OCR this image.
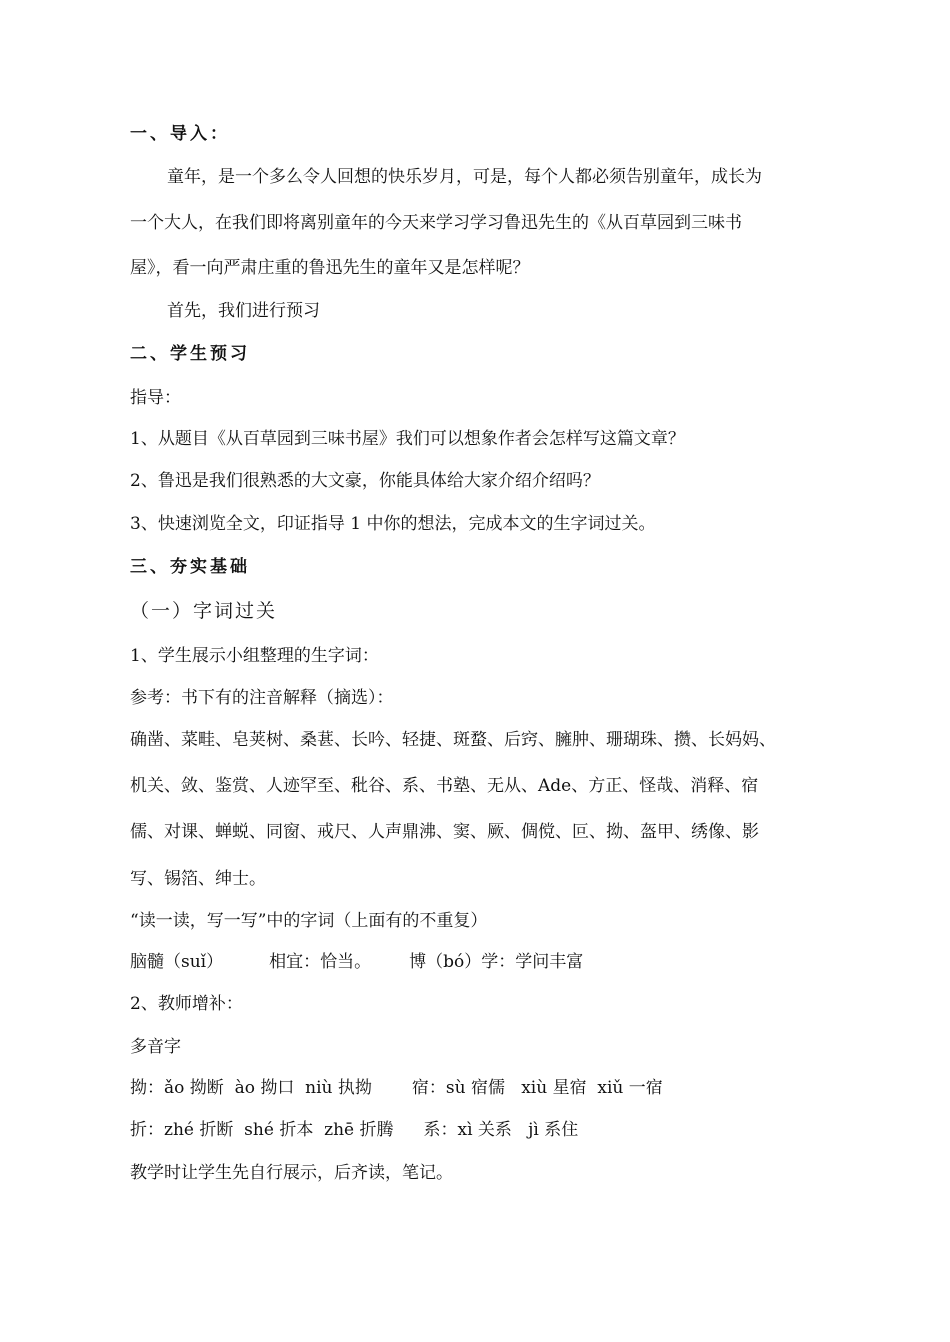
一、导入：
童年，是一个多么令人回想的快乐岁月，可是，每个人都必须告别童年，成长为
一个大人，在我们即将离别童年的今天来学习学习鲁迅先生的《从百草园到三味书
屋》，看一向严肃庄重的鲁迅先生的童年又是怎样呢？
首先，我们进行预习
二、学生预习
指导：
1、从题目《从百草园到三味书屋》我们可以想象作者会怎样写这篇文章？
2、鲁迅是我们很熟悉的大文豪，你能具体给大家介绍介绍吗？
3、快速浏览全文，印证指导 1 中你的想法，完成本文的生字词过关。
三、夯实基础
（一）字词过关
1、学生展示小组整理的生字词：
参考：书下有的注音解释（摘选）：
确凿、菜畦、皂荚树、桑葚、长吟、轻捷、斑蝥、后窍、臃肿、珊瑚珠、攒、长妈妈、
机关、敛、鉴赏、人迹罕至、秕谷、系、书塾、无从、Ade、方正、怪哉、消释、宿
儒、对课、蝉蜕、同窗、戒尺、人声鼎沸、窦、厥、倜傥、叵、拗、盔甲、绣像、影
写、锡箔、绅士。
“读一读，写一写”中的字词（上面有的不重复）
脑髓（suǐ）	相宜：恰当。 博（bó）学：学问丰富
2、教师增补：
多音字
拗：ǎo 拗断  ào 拗口  niù 执拗 宿：sù 宿儒   xiù 星宿  xiǔ 一宿
折：zhé 折断  shé 折本  zhē 折腾 系：xì 关系   jì 系住
教学时让学生先自行展示，后齐读，笔记。
